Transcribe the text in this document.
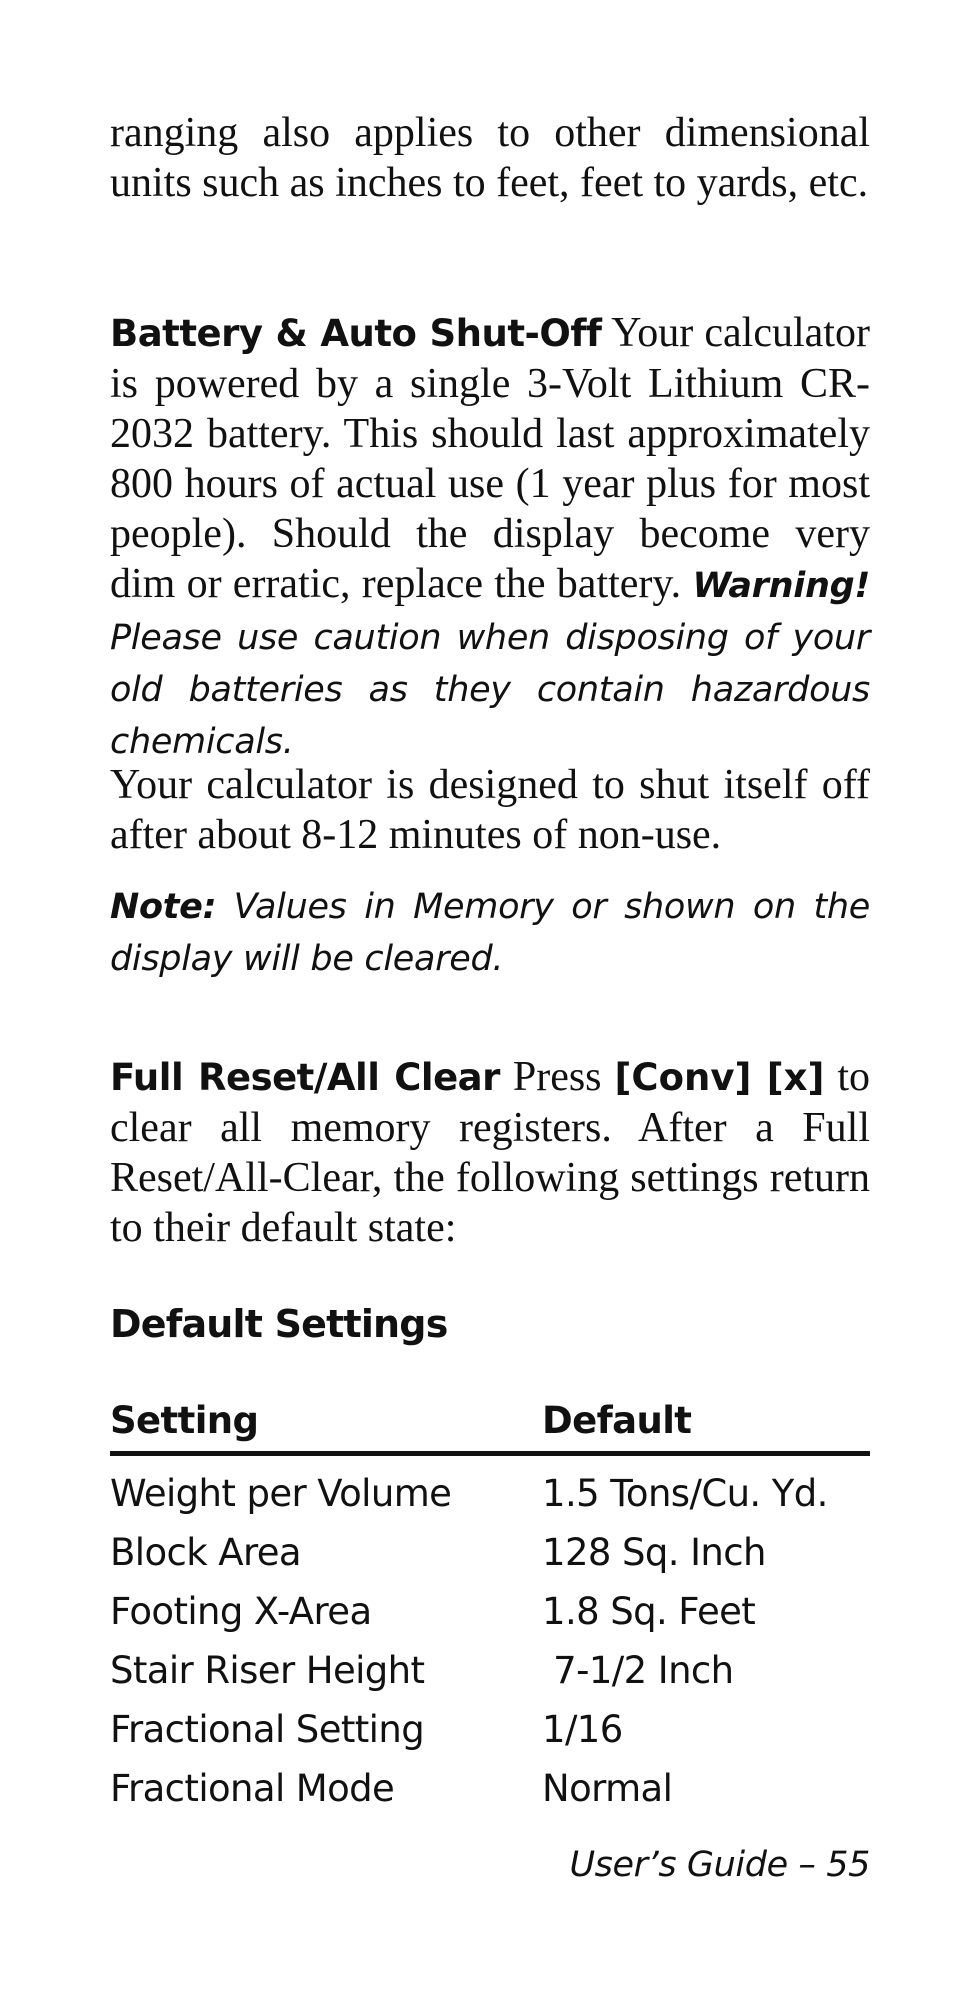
ranging also applies to other dimensional units such as inches to feet, feet to yards, etc.

Battery & Auto Shut-Off Your calculator is powered by a single 3-Volt Lithium CR-2032 battery. This should last approximately 800 hours of actual use (1 year plus for most people). Should the display become very dim or erratic, replace the battery. Warning! Please use caution when disposing of your old batteries as they contain hazardous chemicals.

Your calculator is designed to shut itself off after about 8-12 minutes of non-use.

Note: Values in Memory or shown on the display will be cleared.

Full Reset/All Clear Press [Conv] [x] to clear all memory registers. After a Full Reset/All-Clear, the following settings return to their default state:

Default Settings
Setting	Default
Weight per Volume	1.5 Tons/Cu. Yd.
Block Area	128 Sq. Inch
Footing X-Area	1.8 Sq. Feet
Stair Riser Height	7-1/2 Inch
Fractional Setting	1/16
Fractional Mode	Normal
User’s Guide – 55
